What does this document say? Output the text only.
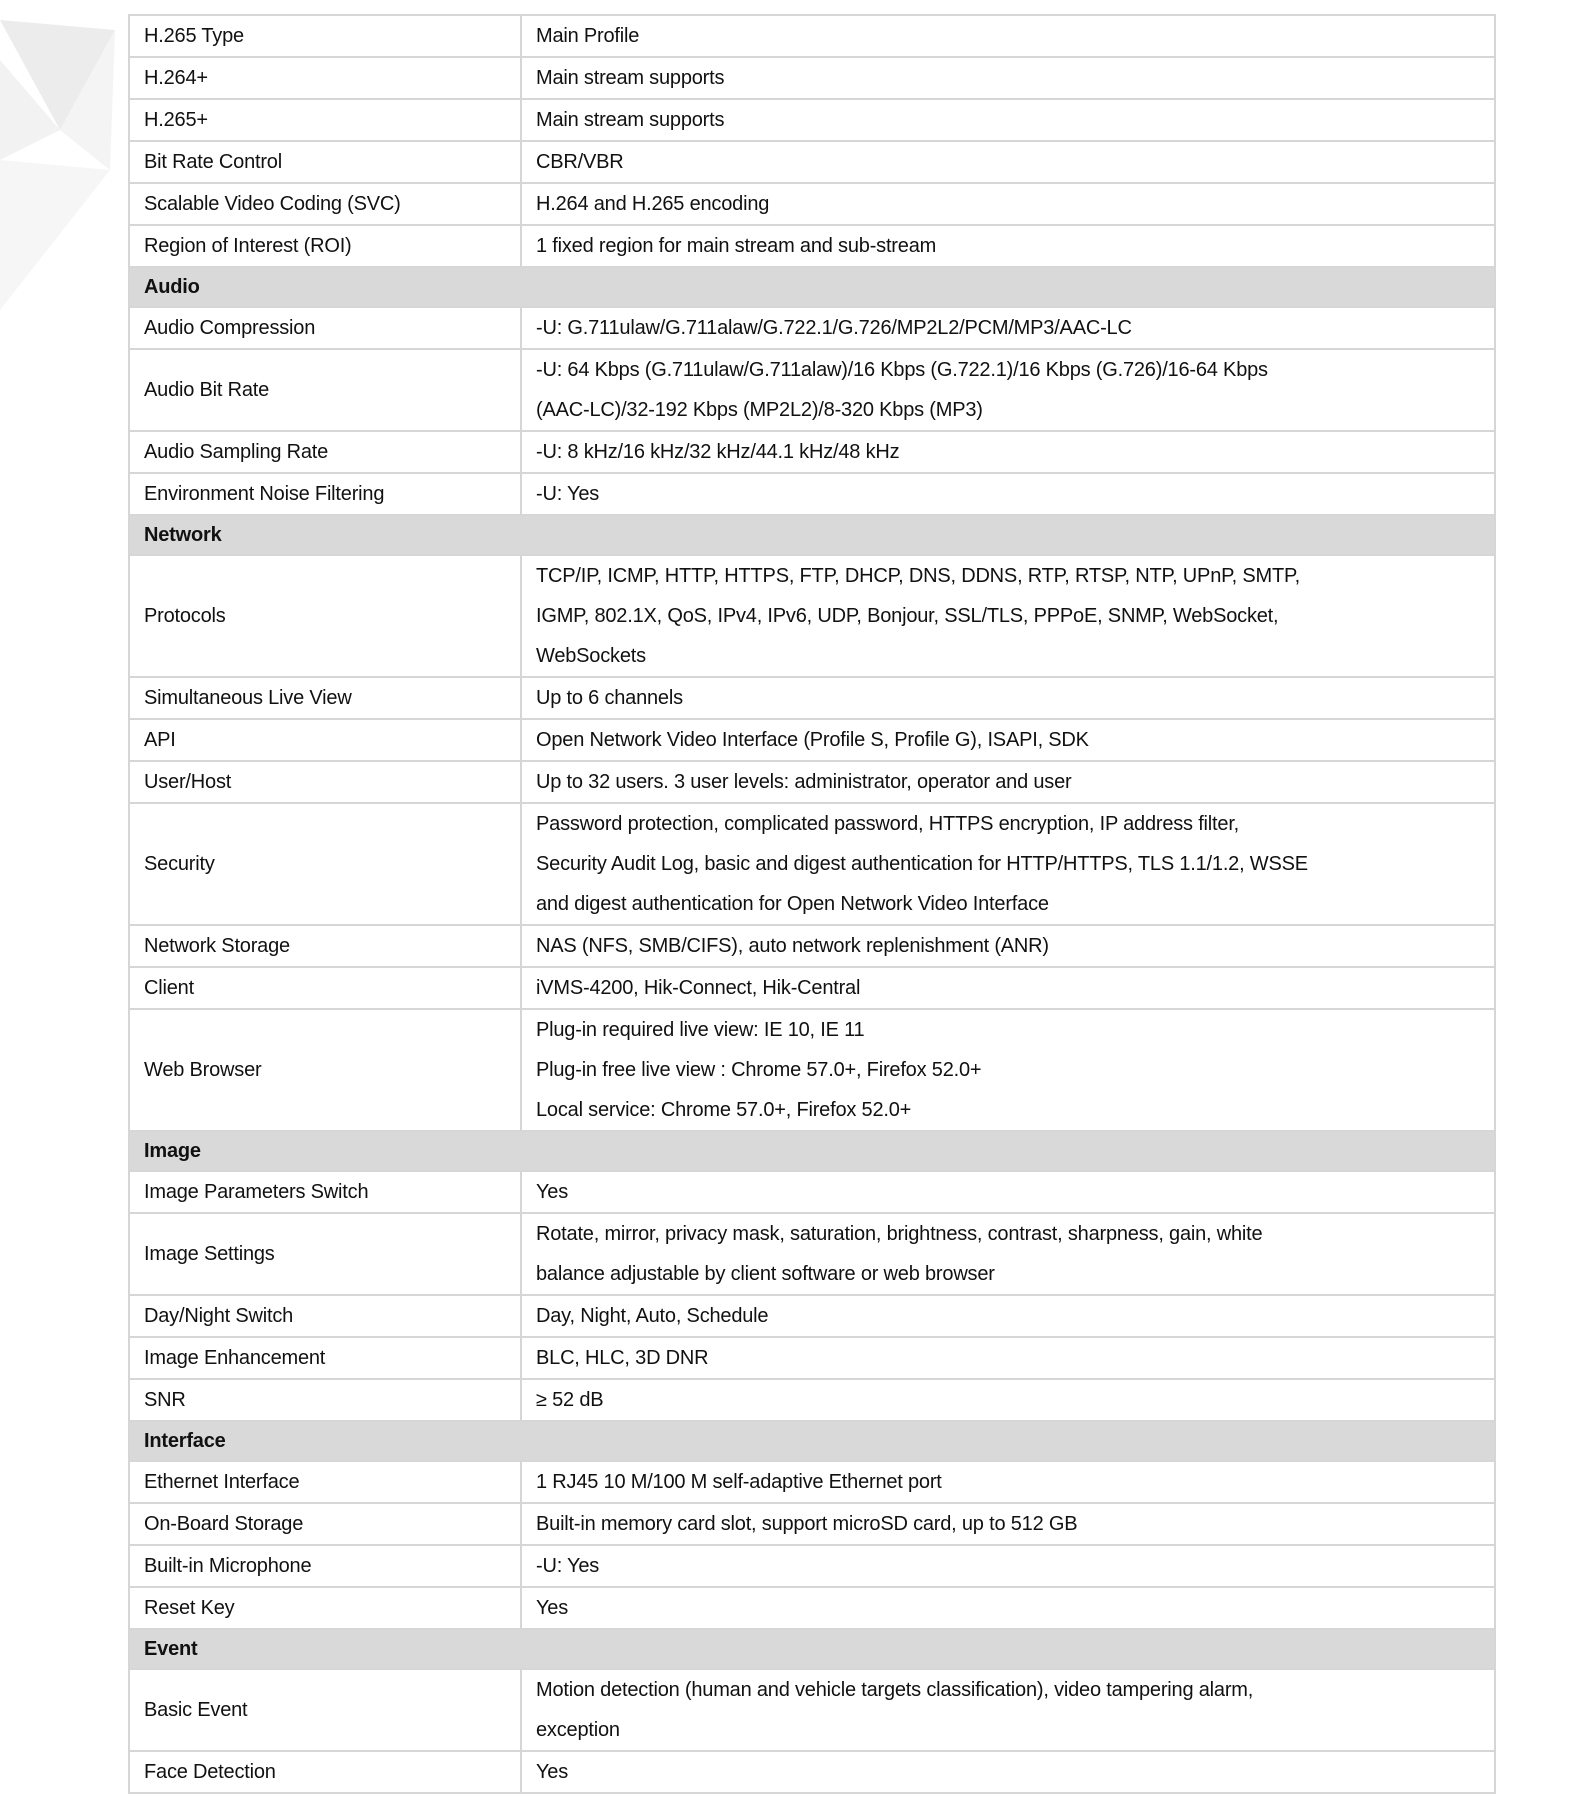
H.265 Type	Main Profile

H.264+	Main stream supports

H.265+	Main stream supports

Bit Rate Control	CBR/VBR

Scalable Video Coding (SVC)	H.264 and H.265 encoding

Region of Interest (ROI)	1 fixed region for main stream and sub-stream

Audio	
Audio Compression	-U: G.711ulaw/G.711alaw/G.722.1/G.726/MP2L2/PCM/MP3/AAC-LC

Audio Bit Rate	-U: 64 Kbps (G.711ulaw/G.711alaw)/16 Kbps (G.722.1)/16 Kbps (G.726)/16-64 Kbps
(AAC-LC)/32-192 Kbps (MP2L2)/8-320 Kbps (MP3)

Audio Sampling Rate	-U: 8 kHz/16 kHz/32 kHz/44.1 kHz/48 kHz

Environment Noise Filtering	-U: Yes

Network	
Protocols	TCP/IP, ICMP, HTTP, HTTPS, FTP, DHCP, DNS, DDNS, RTP, RTSP, NTP, UPnP, SMTP,
IGMP, 802.1X, QoS, IPv4, IPv6, UDP, Bonjour, SSL/TLS, PPPoE, SNMP, WebSocket,
WebSockets

Simultaneous Live View	Up to 6 channels

API	Open Network Video Interface (Profile S, Profile G), ISAPI, SDK

User/Host	Up to 32 users. 3 user levels: administrator, operator and user

Security	Password protection, complicated password, HTTPS encryption, IP address filter,
Security Audit Log, basic and digest authentication for HTTP/HTTPS, TLS 1.1/1.2, WSSE
and digest authentication for Open Network Video Interface

Network Storage	NAS (NFS, SMB/CIFS), auto network replenishment (ANR)

Client	iVMS-4200, Hik-Connect, Hik-Central

Web Browser	Plug-in required live view: IE 10, IE 11
Plug-in free live view : Chrome 57.0+, Firefox 52.0+
Local service: Chrome 57.0+, Firefox 52.0+

Image	
Image Parameters Switch	Yes

Image Settings	Rotate, mirror, privacy mask, saturation, brightness, contrast, sharpness, gain, white
balance adjustable by client software or web browser

Day/Night Switch	Day, Night, Auto, Schedule

Image Enhancement	BLC, HLC, 3D DNR

SNR	≥ 52 dB

Interface	
Ethernet Interface	1 RJ45 10 M/100 M self-adaptive Ethernet port

On-Board Storage	Built-in memory card slot, support microSD card, up to 512 GB

Built-in Microphone	-U: Yes

Reset Key	Yes

Event	
Basic Event	Motion detection (human and vehicle targets classification), video tampering alarm,
exception

Face Detection	Yes
